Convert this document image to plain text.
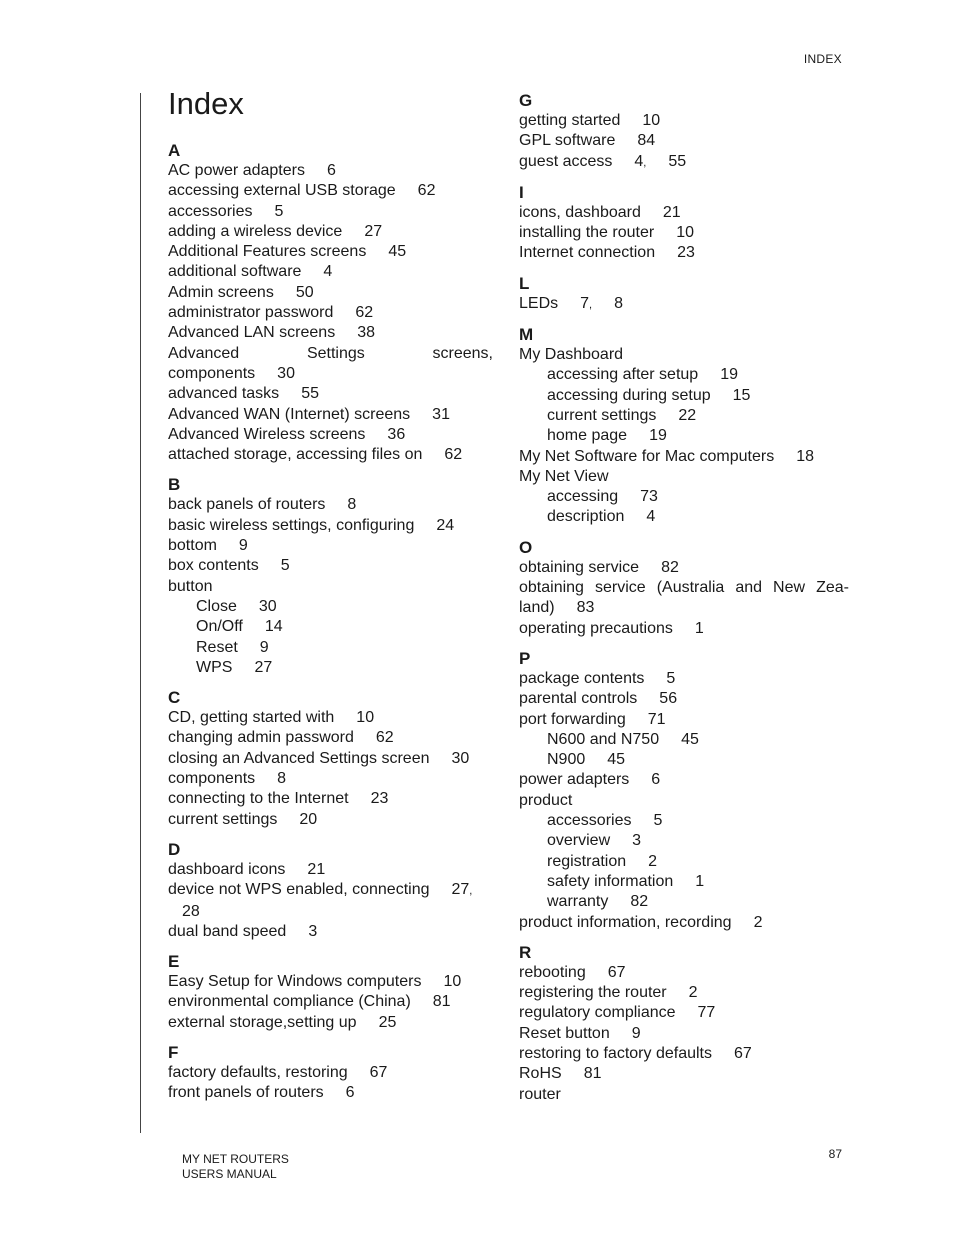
INDEX
Index
A
AC power adapters 6
accessing external USB storage 62
accessories 5
adding a wireless device 27
Additional Features screens 45
additional software 4
Admin screens 50
administrator password 62
Advanced LAN screens 38
Advanced Settings screens, components 30
advanced tasks 55
Advanced WAN (Internet) screens 31
Advanced Wireless screens 36
attached storage, accessing files on 62
B
back panels of routers 8
basic wireless settings, configuring 24
bottom 9
box contents 5
button
Close 30
On/Off 14
Reset 9
WPS 27
C
CD, getting started with 10
changing admin password 62
closing an Advanced Settings screen 30
components 8
connecting to the Internet 23
current settings 20
D
dashboard icons 21
device not WPS enabled, connecting 27,
28
dual band speed 3
E
Easy Setup for Windows computers 10
environmental compliance (China) 81
external storage,setting up 25
F
factory defaults, restoring 67
front panels of routers 6
G
getting started 10
GPL software 84
guest access 4, 55
I
icons, dashboard 21
installing the router 10
Internet connection 23
L
LEDs 7, 8
M
My Dashboard
accessing after setup 19
accessing during setup 15
current settings 22
home page 19
My Net Software for Mac computers 18
My Net View
accessing 73
description 4
O
obtaining service 82
obtaining service (Australia and New Zea-land) 83
operating precautions 1
P
package contents 5
parental controls 56
port forwarding 71
N600 and N750 45
N900 45
power adapters 6
product
accessories 5
overview 3
registration 2
safety information 1
warranty 82
product information, recording 2
R
rebooting 67
registering the router 2
regulatory compliance 77
Reset button 9
restoring to factory defaults 67
RoHS 81
router
MY NET ROUTERS
USERS MANUAL
87
